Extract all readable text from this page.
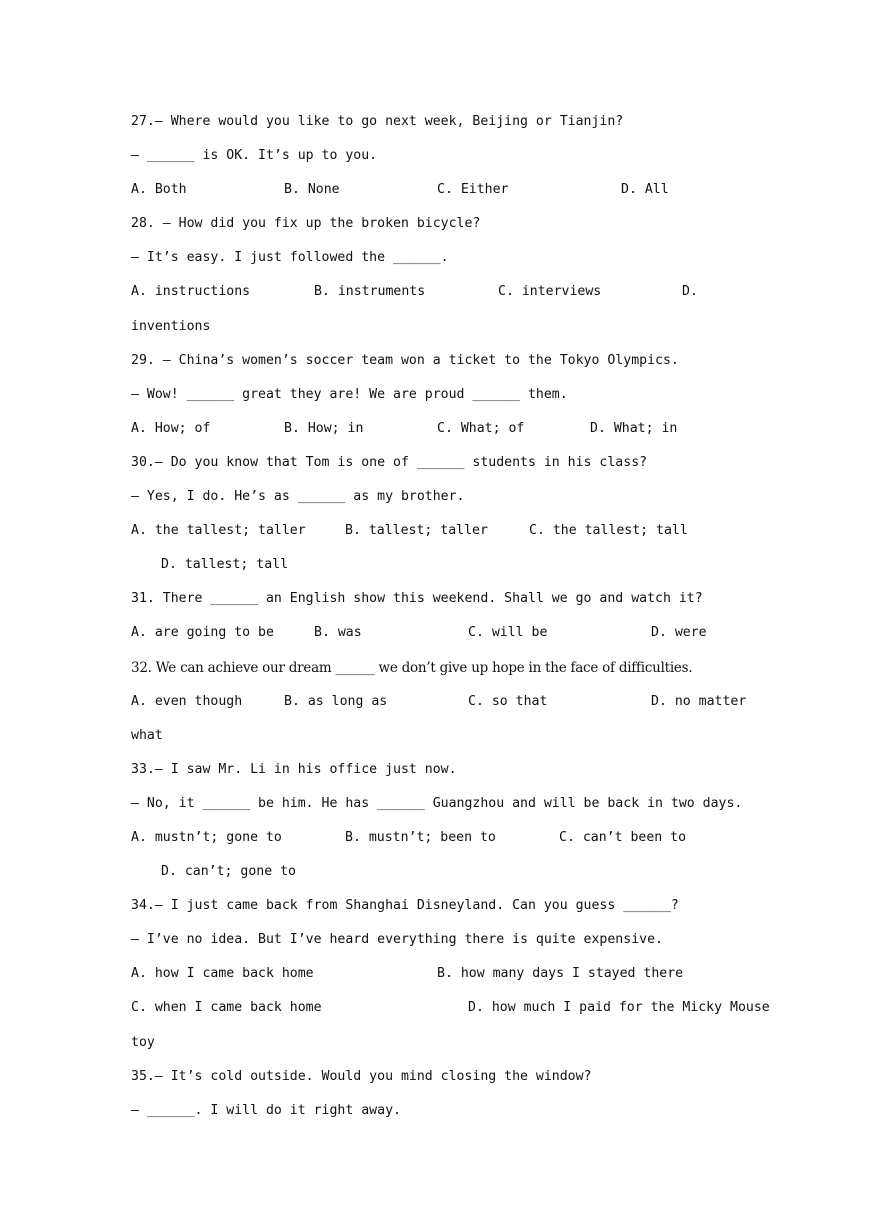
27.— Where would you like to go next week, Beijing or Tianjin?
— ______ is OK. It’s up to you.

A. Both

	B. None

	C. Either

	D. All

28. — How did you fix up the broken bicycle?
— It’s easy. I just followed the ______.

A. instructions

	B. instruments

	C. interviews

	D.

inventions
29. — China’s women’s soccer team won a ticket to the Tokyo Olympics.
— Wow! ______ great they are! We are proud ______ them.

A. How; of

	B. How; in

	C. What; of

	D. What; in

30.— Do you know that Tom is one of ______ students in his class?
— Yes, I do. He’s as ______ as my brother.

A. the tallest; taller

	B. tallest; taller

	C. the tallest; tall

D. tallest; tall
31. There ______ an English show this weekend. Shall we go and watch it?

A. are going to be

	B. was

	C. will be

	D. were

32. We can achieve our dream ______ we don’t give up hope in the face of difficulties.

A. even though

	B. as long as

	C. so that

	D. no matter

what
33.— I saw Mr. Li in his office just now.
— No, it ______ be him. He has ______ Guangzhou and will be back in two days.

A. mustn’t; gone to

	B. mustn’t; been to

	C. can’t been to

D. can’t; gone to
34.— I just came back from Shanghai Disneyland. Can you guess ______?
— I’ve no idea. But I’ve heard everything there is quite expensive.

A. how I came back home

	B. how many days I stayed there

C. when I came back home

	D. how much I paid for the Micky Mouse

toy
35.— It’s cold outside. Would you mind closing the window?
— ______. I will do it right away.
